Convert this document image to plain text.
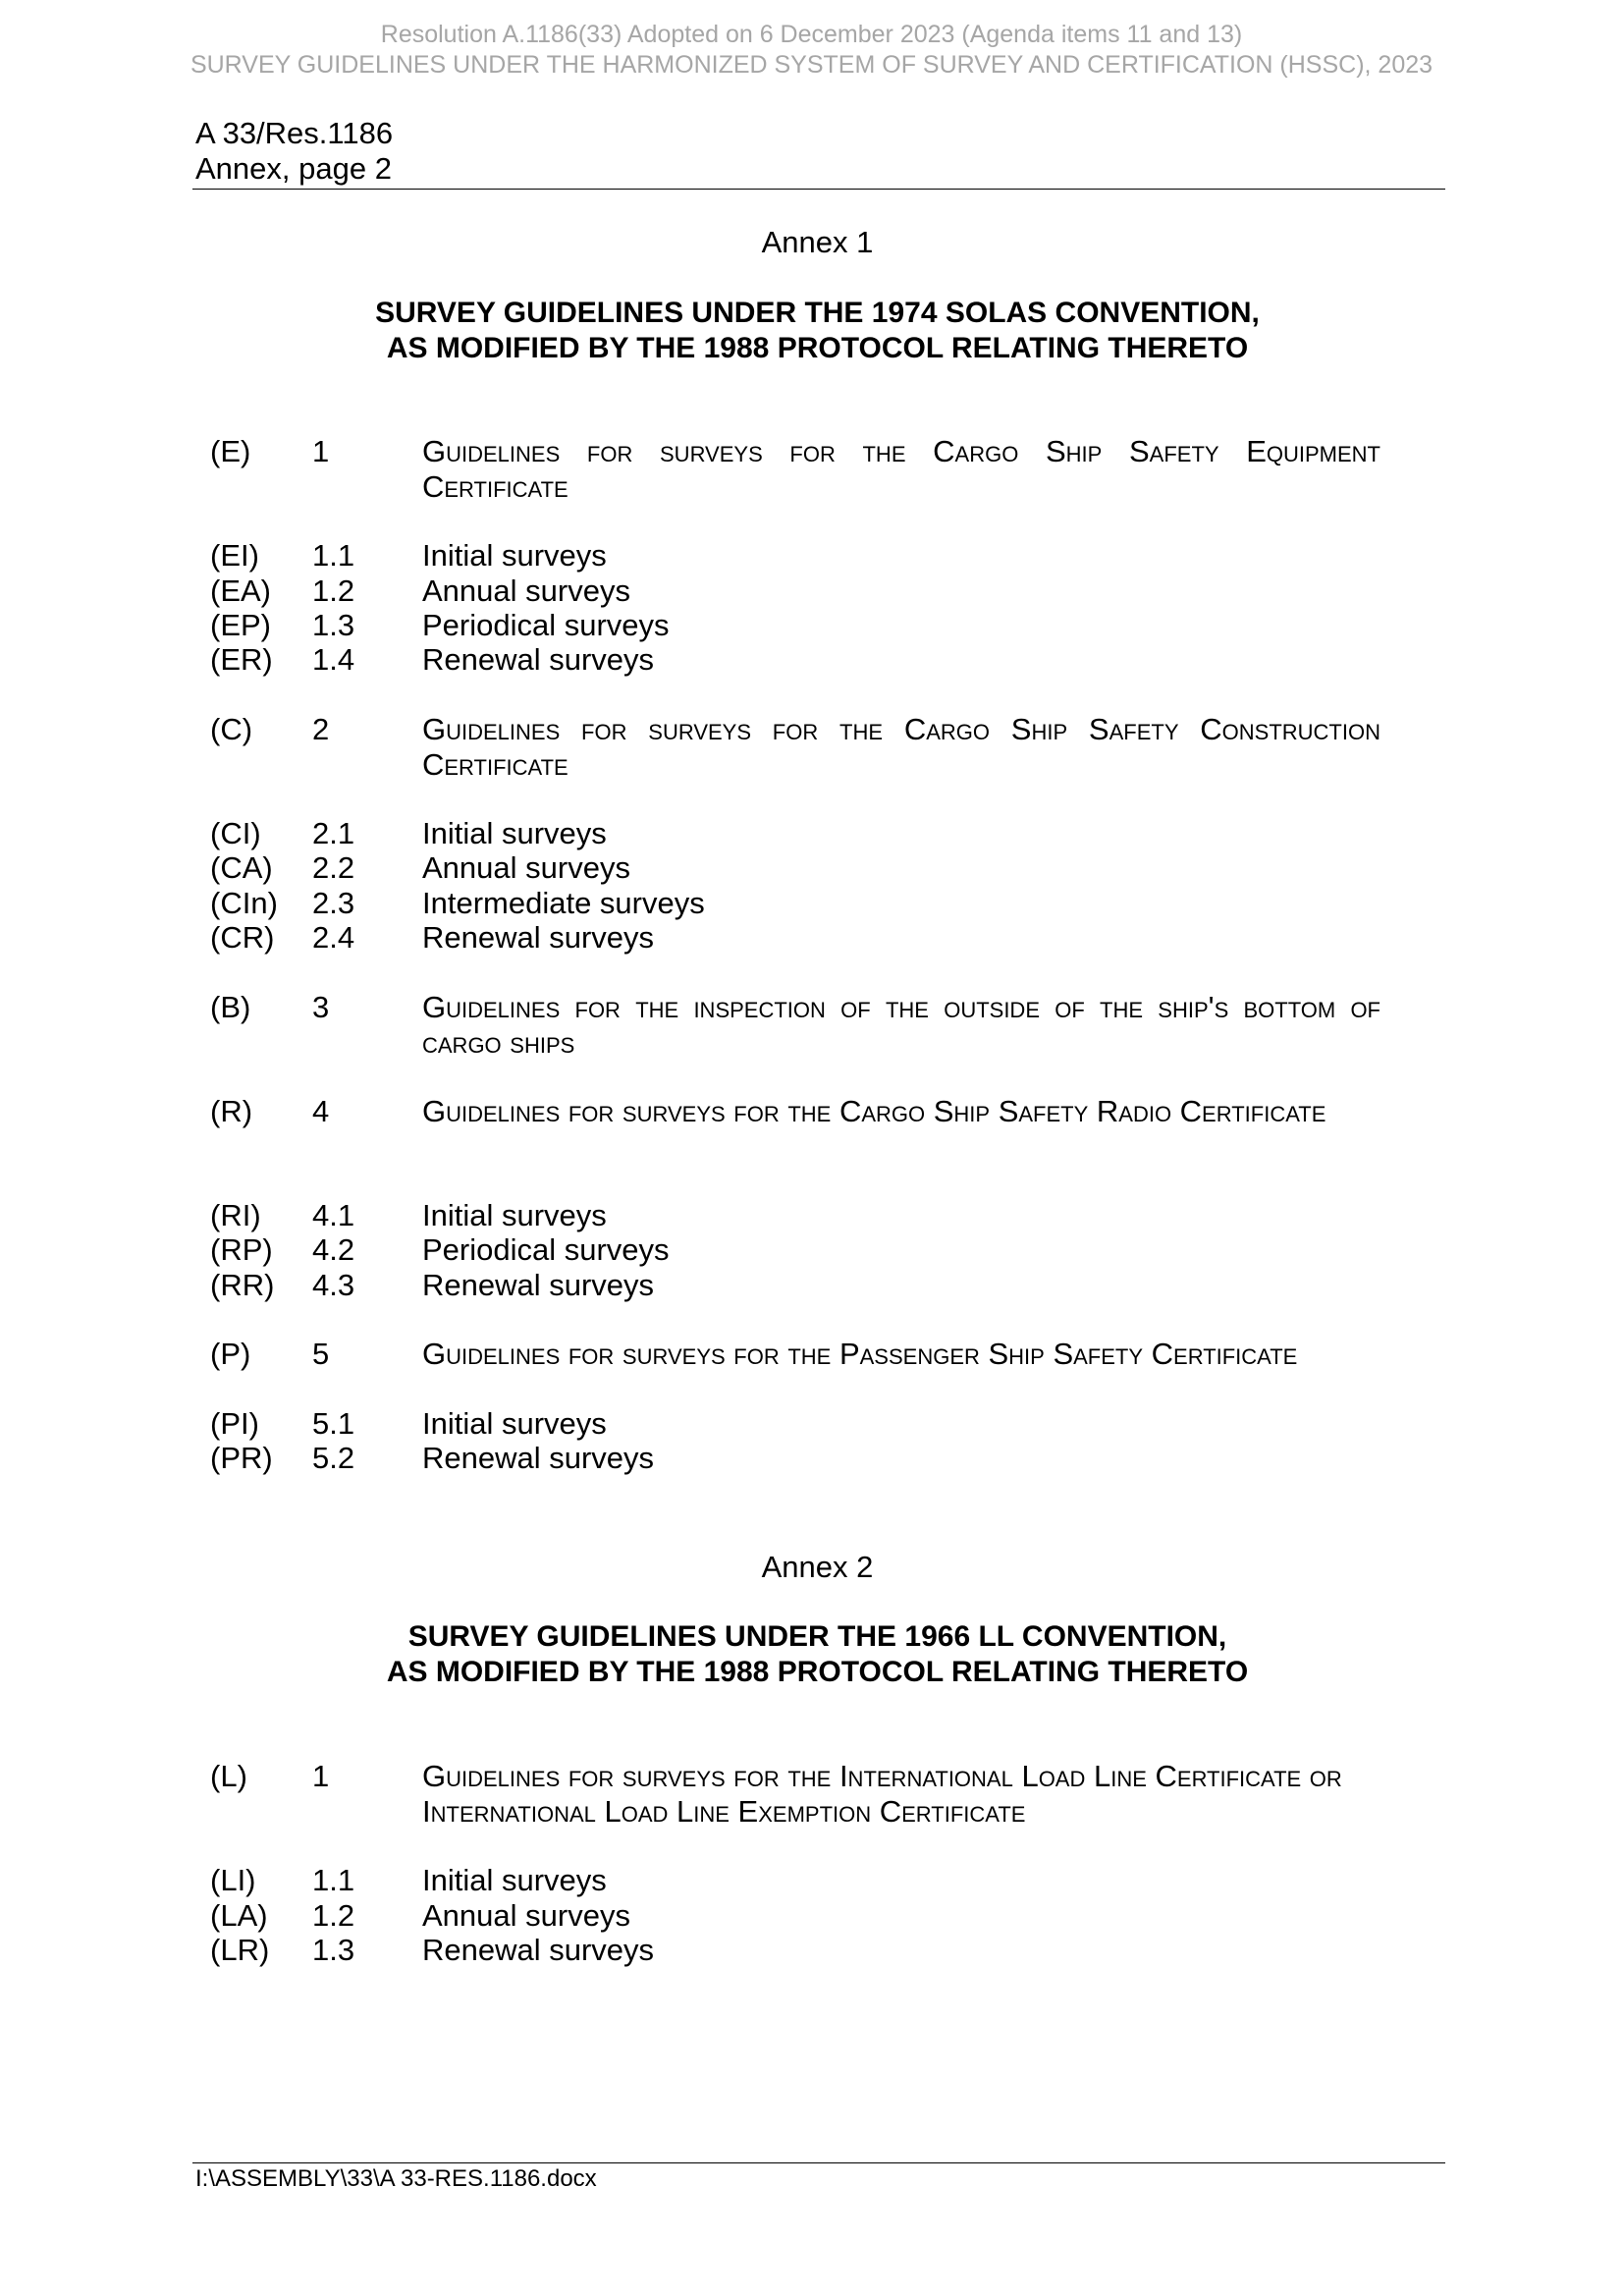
Resolution A.1186(33) Adopted on 6 December 2023 (Agenda items 11 and 13)
SURVEY GUIDELINES UNDER THE HARMONIZED SYSTEM OF SURVEY AND CERTIFICATION (HSSC), 2023
A 33/Res.1186
Annex, page 2
Annex 1
SURVEY GUIDELINES UNDER THE 1974 SOLAS CONVENTION,
AS MODIFIED BY THE 1988 PROTOCOL RELATING THERETO
(E) 1	Guidelines for surveys for the Cargo Ship Safety Equipment Certificate
(EI) 1.1 Initial surveys
(EA) 1.2 Annual surveys
(EP) 1.3 Periodical surveys
(ER) 1.4 Renewal surveys
(C) 2	Guidelines for surveys for the Cargo Ship Safety Construction Certificate
(CI) 2.1 Initial surveys
(CA) 2.2 Annual surveys
(CIn) 2.3 Intermediate surveys
(CR) 2.4 Renewal surveys
(B) 3	Guidelines for the inspection of the outside of the ship's bottom of cargo ships
(R) 4	Guidelines for surveys for the Cargo Ship Safety Radio Certificate
(RI) 4.1 Initial surveys
(RP) 4.2 Periodical surveys
(RR) 4.3 Renewal surveys
(P) 5	Guidelines for surveys for the Passenger Ship Safety Certificate
(PI) 5.1 Initial surveys
(PR) 5.2 Renewal surveys
Annex 2
SURVEY GUIDELINES UNDER THE 1966 LL CONVENTION,
AS MODIFIED BY THE 1988 PROTOCOL RELATING THERETO
(L) 1	Guidelines for surveys for the International Load Line Certificate or International Load Line Exemption Certificate
(LI) 1.1 Initial surveys
(LA) 1.2 Annual surveys
(LR) 1.3 Renewal surveys
I:\ASSEMBLY\33\A 33-RES.1186.docx
